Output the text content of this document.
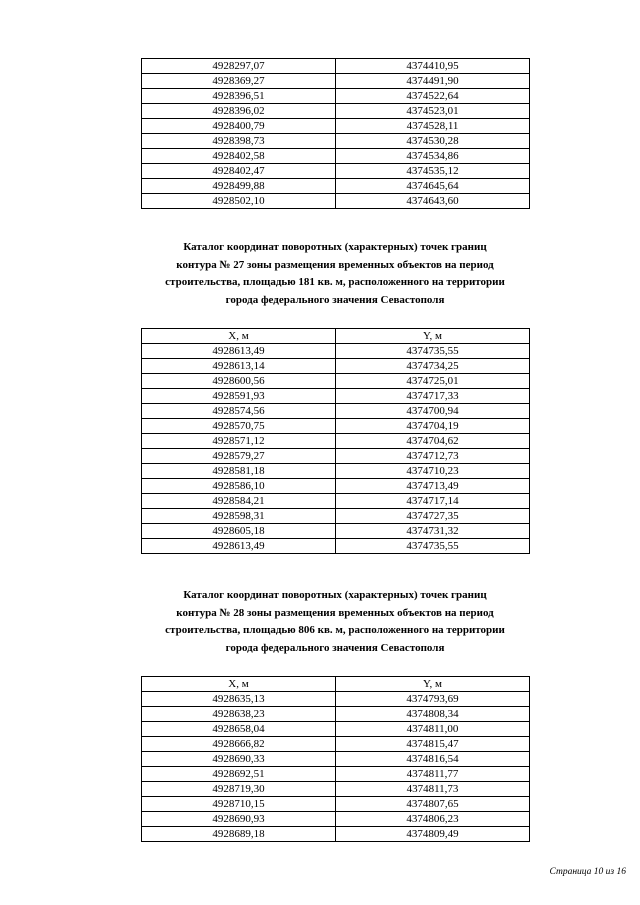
4928297,07	4374410,95
4928369,27	4374491,90
4928396,51	4374522,64
4928396,02	4374523,01
4928400,79	4374528,11
4928398,73	4374530,28
4928402,58	4374534,86
4928402,47	4374535,12
4928499,88	4374645,64
4928502,10	4374643,60
Каталог координат поворотных (характерных) точек границ
контура № 27 зоны размещения временных объектов на период
строительства, площадью 181 кв. м, расположенного на территории
города федерального значения Севастополя
X, м	Y, м
4928613,49	4374735,55
4928613,14	4374734,25
4928600,56	4374725,01
4928591,93	4374717,33
4928574,56	4374700,94
4928570,75	4374704,19
4928571,12	4374704,62
4928579,27	4374712,73
4928581,18	4374710,23
4928586,10	4374713,49
4928584,21	4374717,14
4928598,31	4374727,35
4928605,18	4374731,32
4928613,49	4374735,55
Каталог координат поворотных (характерных) точек границ
контура № 28 зоны размещения временных объектов на период
строительства, площадью 806 кв. м, расположенного на территории
города федерального значения Севастополя
X, м	Y, м
4928635,13	4374793,69
4928638,23	4374808,34
4928658,04	4374811,00
4928666,82	4374815,47
4928690,33	4374816,54
4928692,51	4374811,77
4928719,30	4374811,73
4928710,15	4374807,65
4928690,93	4374806,23
4928689,18	4374809,49
Страница 10 из 16
